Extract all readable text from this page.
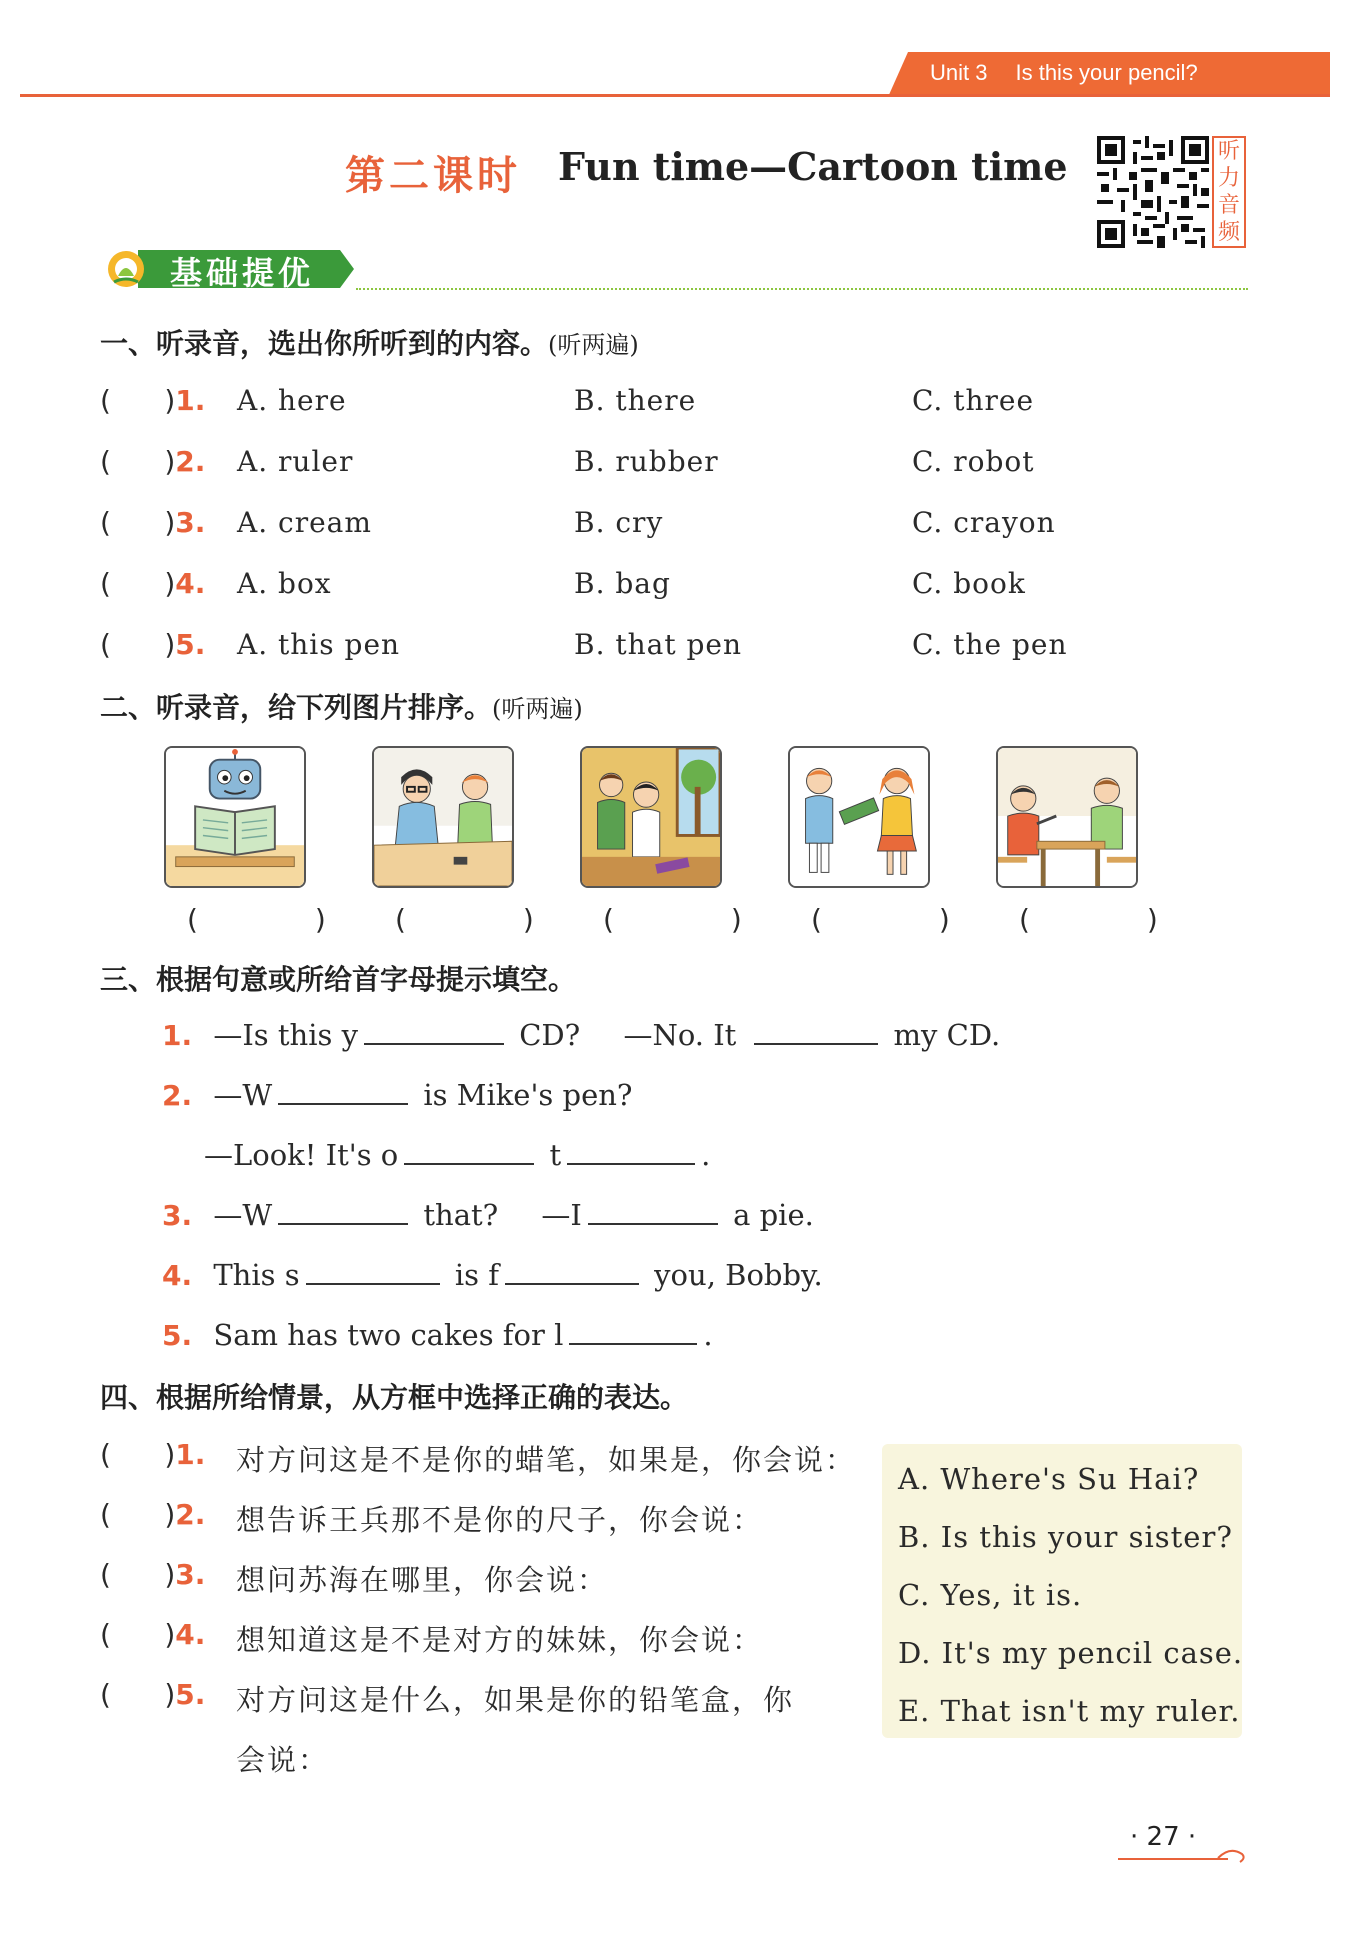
Unit 3 Is this your pencil?
第二课时 Fun time—Cartoon time	听
力
音
频
基础提优
一、听录音，选出你所听到的内容。(听两遍)
(      )1. A. here	B. there	C. three
(      )2. A. ruler	B. rubber	C. robot
(      )3. A. cream	B. cry	C. crayon
(      )4. A. box	B. bag	C. book
(      )5. A. this pen	B. that pen	C. the pen
二、听录音，给下列图片排序。(听两遍)
( ) ( ) ( ) ( ) ( )
三、根据句意或所给首字母提示填空。
1. —Is this y	CD? —No. It	my CD.
2. —W	is Mike's pen?
—Look! It's o	t	.
3. —W	that? —I	a pie.
4. This s	is f	you, Bobby.
5. Sam has two cakes for l	.
四、根据所给情景，从方框中选择正确的表达。
A. Where's Su Hai?
B. Is this your sister?
C. Yes, it is.
D. It's my pencil case.
E. That isn't my ruler.
(      )1. 对方问这是不是你的蜡笔，如果是，你会说：
(      )2. 想告诉王兵那不是你的尺子，你会说：
(      )3. 想问苏海在哪里，你会说：
(      )4. 想知道这是不是对方的妹妹，你会说：
(      )5. 对方问这是什么，如果是你的铅笔盒，你
会说：
· 27 ·
